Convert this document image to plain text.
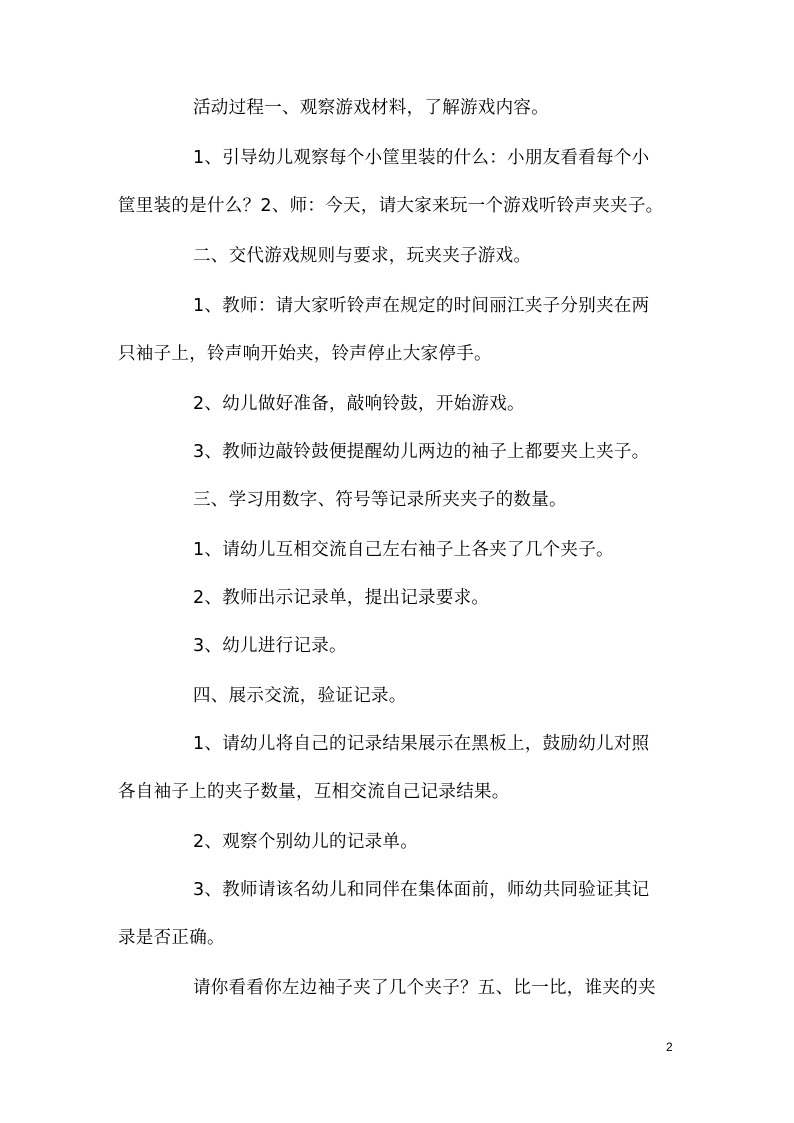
活动过程一、观察游戏材料，了解游戏内容。
1、引导幼儿观察每个小筐里装的什么：小朋友看看每个小
筐里装的是什么？2、师：今天，请大家来玩一个游戏听铃声夹夹子。
二、交代游戏规则与要求，玩夹夹子游戏。
1、教师：请大家听铃声在规定的时间丽江夹子分别夹在两
只袖子上，铃声响开始夹，铃声停止大家停手。
2、幼儿做好准备，敲响铃鼓，开始游戏。
3、教师边敲铃鼓便提醒幼儿两边的袖子上都要夹上夹子。
三、学习用数字、符号等记录所夹夹子的数量。
1、请幼儿互相交流自己左右袖子上各夹了几个夹子。
2、教师出示记录单，提出记录要求。
3、幼儿进行记录。
四、展示交流，验证记录。
1、请幼儿将自己的记录结果展示在黑板上，鼓励幼儿对照
各自袖子上的夹子数量，互相交流自己记录结果。
2、观察个别幼儿的记录单。
3、教师请该名幼儿和同伴在集体面前，师幼共同验证其记
录是否正确。
请你看看你左边袖子夹了几个夹子？五、比一比，谁夹的夹
2
